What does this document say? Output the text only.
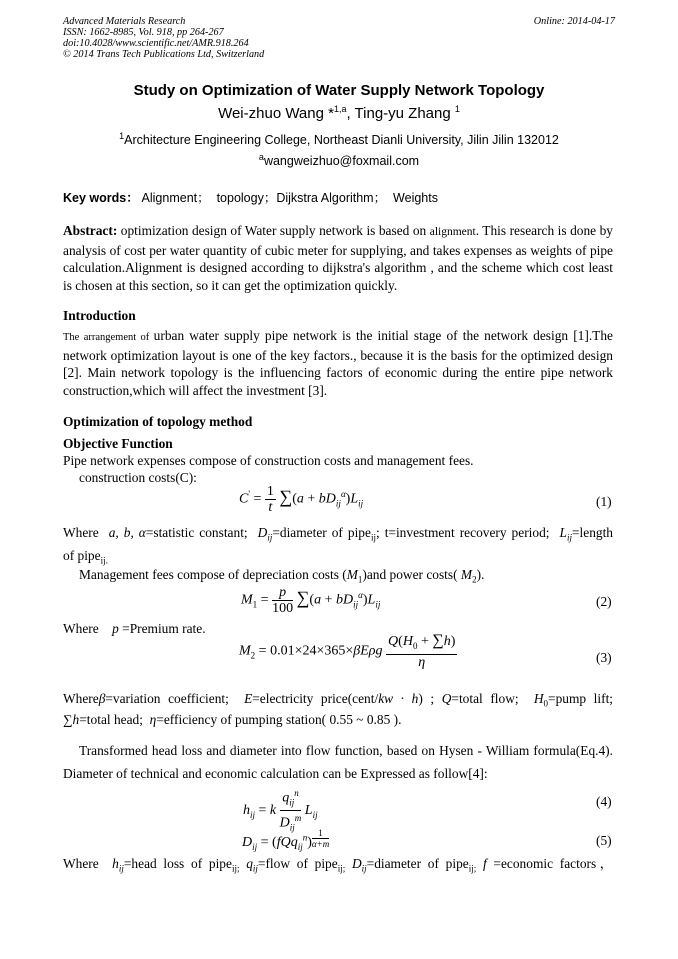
Advanced Materials Research
ISSN: 1662-8985, Vol. 918, pp 264-267
doi:10.4028/www.scientific.net/AMR.918.264
© 2014 Trans Tech Publications Ltd, Switzerland
Online: 2014-04-17
Study on Optimization of Water Supply Network Topology
Wei-zhuo Wang *$^{1,a}$, Ting-yu Zhang $^1$
$^1$Architecture Engineering College, Northeast Dianli University, Jilin Jilin 132012
$^a$wangweizhuo@foxmail.com
Key words： Alignment； topology；Dijkstra Algorithm； Weights
Abstract: optimization design of Water supply network is based on alignment. This research is done by analysis of cost per water quantity of cubic meter for supplying, and takes expenses as weights of pipe calculation.Alignment is designed according to dijkstra's algorithm , and the scheme which cost least is chosen at this section, so it can get the optimization quickly.
Introduction
The arrangement of urban water supply pipe network is the initial stage of the network design [1].The network optimization layout is one of the key factors., because it is the basis for the optimized design [2]. Main network topology is the influencing factors of economic during the entire pipe network construction,which will affect the investment [3].
Optimization of topology method
Objective Function
Pipe network expenses compose of construction costs and management fees.
construction costs(C):
$C' = \frac{1}{t} \sum(a + bD_{ij}^\alpha)L_{ij}$	(1)
Where a, b, α=statistic constant; $D_{ij}=diameter$ of pipe$_{ij}$; t=investment recovery period; $L_{ij}=length$
of pipe$_{ij.}$
Management fees compose of depreciation costs $(M_1)and$ power costs( $M_2$).
$M_1 = \frac{p}{100} \sum(a + bD_{ij}^\alpha)L_{ij}$	(2)
Where p =Premium rate.
$M_2 = 0.01\times 24\times 365\times\beta E\rho g \frac{Q(H_0 + \sum h)}{\eta}$	(3)
Whereβ=variation coefficient; E=electricity price(cent/kw · h) ; Q=total flow; $H_0=pump$ lift;
∑h=total head; η=efficiency of pumping station( 0.55 ~ 0.85 ).
Transformed head loss and diameter into flow function, based on Hysen - William formula(Eq.4).
Diameter of technical and economic calculation can be Expressed as follow[4]:
$h_{ij} = k \frac{q_{ij}^n}{D_{ij}^m} L_{ij}$
(4)
$D_{ij} = (fQq_{ij}^n)$ $^{\frac{1}{\alpha+m}}$	(5)
Where $h_{ij}=head$ loss of pipe$_{ij;}$ $q_{ij}=flow$ of pipe$_{ij;}$ $D_{ij}=diameter$ of pipe$_{ij;}$ f =economic factors，
